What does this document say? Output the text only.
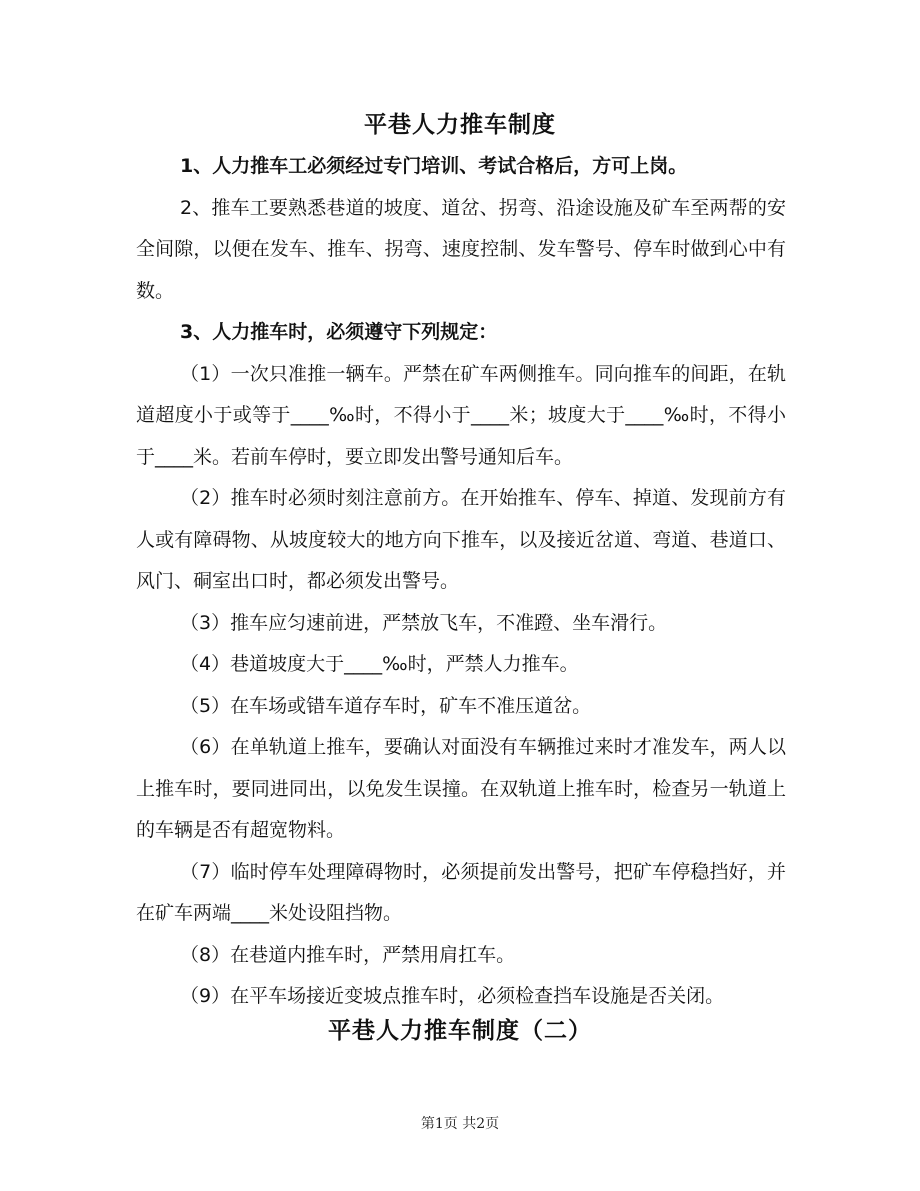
平巷人力推车制度

1、人力推车工必须经过专门培训、考试合格后，方可上岗。

2、推车工要熟悉巷道的坡度、道岔、拐弯、沿途设施及矿车至两帮的安全间隙，以便在发车、推车、拐弯、速度控制、发车警号、停车时做到心中有数。

3、人力推车时，必须遵守下列规定：

（1）一次只准推一辆车。严禁在矿车两侧推车。同向推车的间距，在轨道超度小于或等于____‰时，不得小于____米；坡度大于____‰时，不得小于____米。若前车停时，要立即发出警号通知后车。

（2）推车时必须时刻注意前方。在开始推车、停车、掉道、发现前方有人或有障碍物、从坡度较大的地方向下推车，以及接近岔道、弯道、巷道口、风门、硐室出口时，都必须发出警号。

（3）推车应匀速前进，严禁放飞车，不准蹬、坐车滑行。

（4）巷道坡度大于____‰时，严禁人力推车。

（5）在车场或错车道存车时，矿车不准压道岔。

（6）在单轨道上推车，要确认对面没有车辆推过来时才准发车，两人以上推车时，要同进同出，以免发生误撞。在双轨道上推车时，检查另一轨道上的车辆是否有超宽物料。

（7）临时停车处理障碍物时，必须提前发出警号，把矿车停稳挡好，并在矿车两端____米处设阻挡物。

（8）在巷道内推车时，严禁用肩扛车。

（9）在平车场接近变坡点推车时，必须检查挡车设施是否关闭。

平巷人力推车制度（二）
第1页 共2页
